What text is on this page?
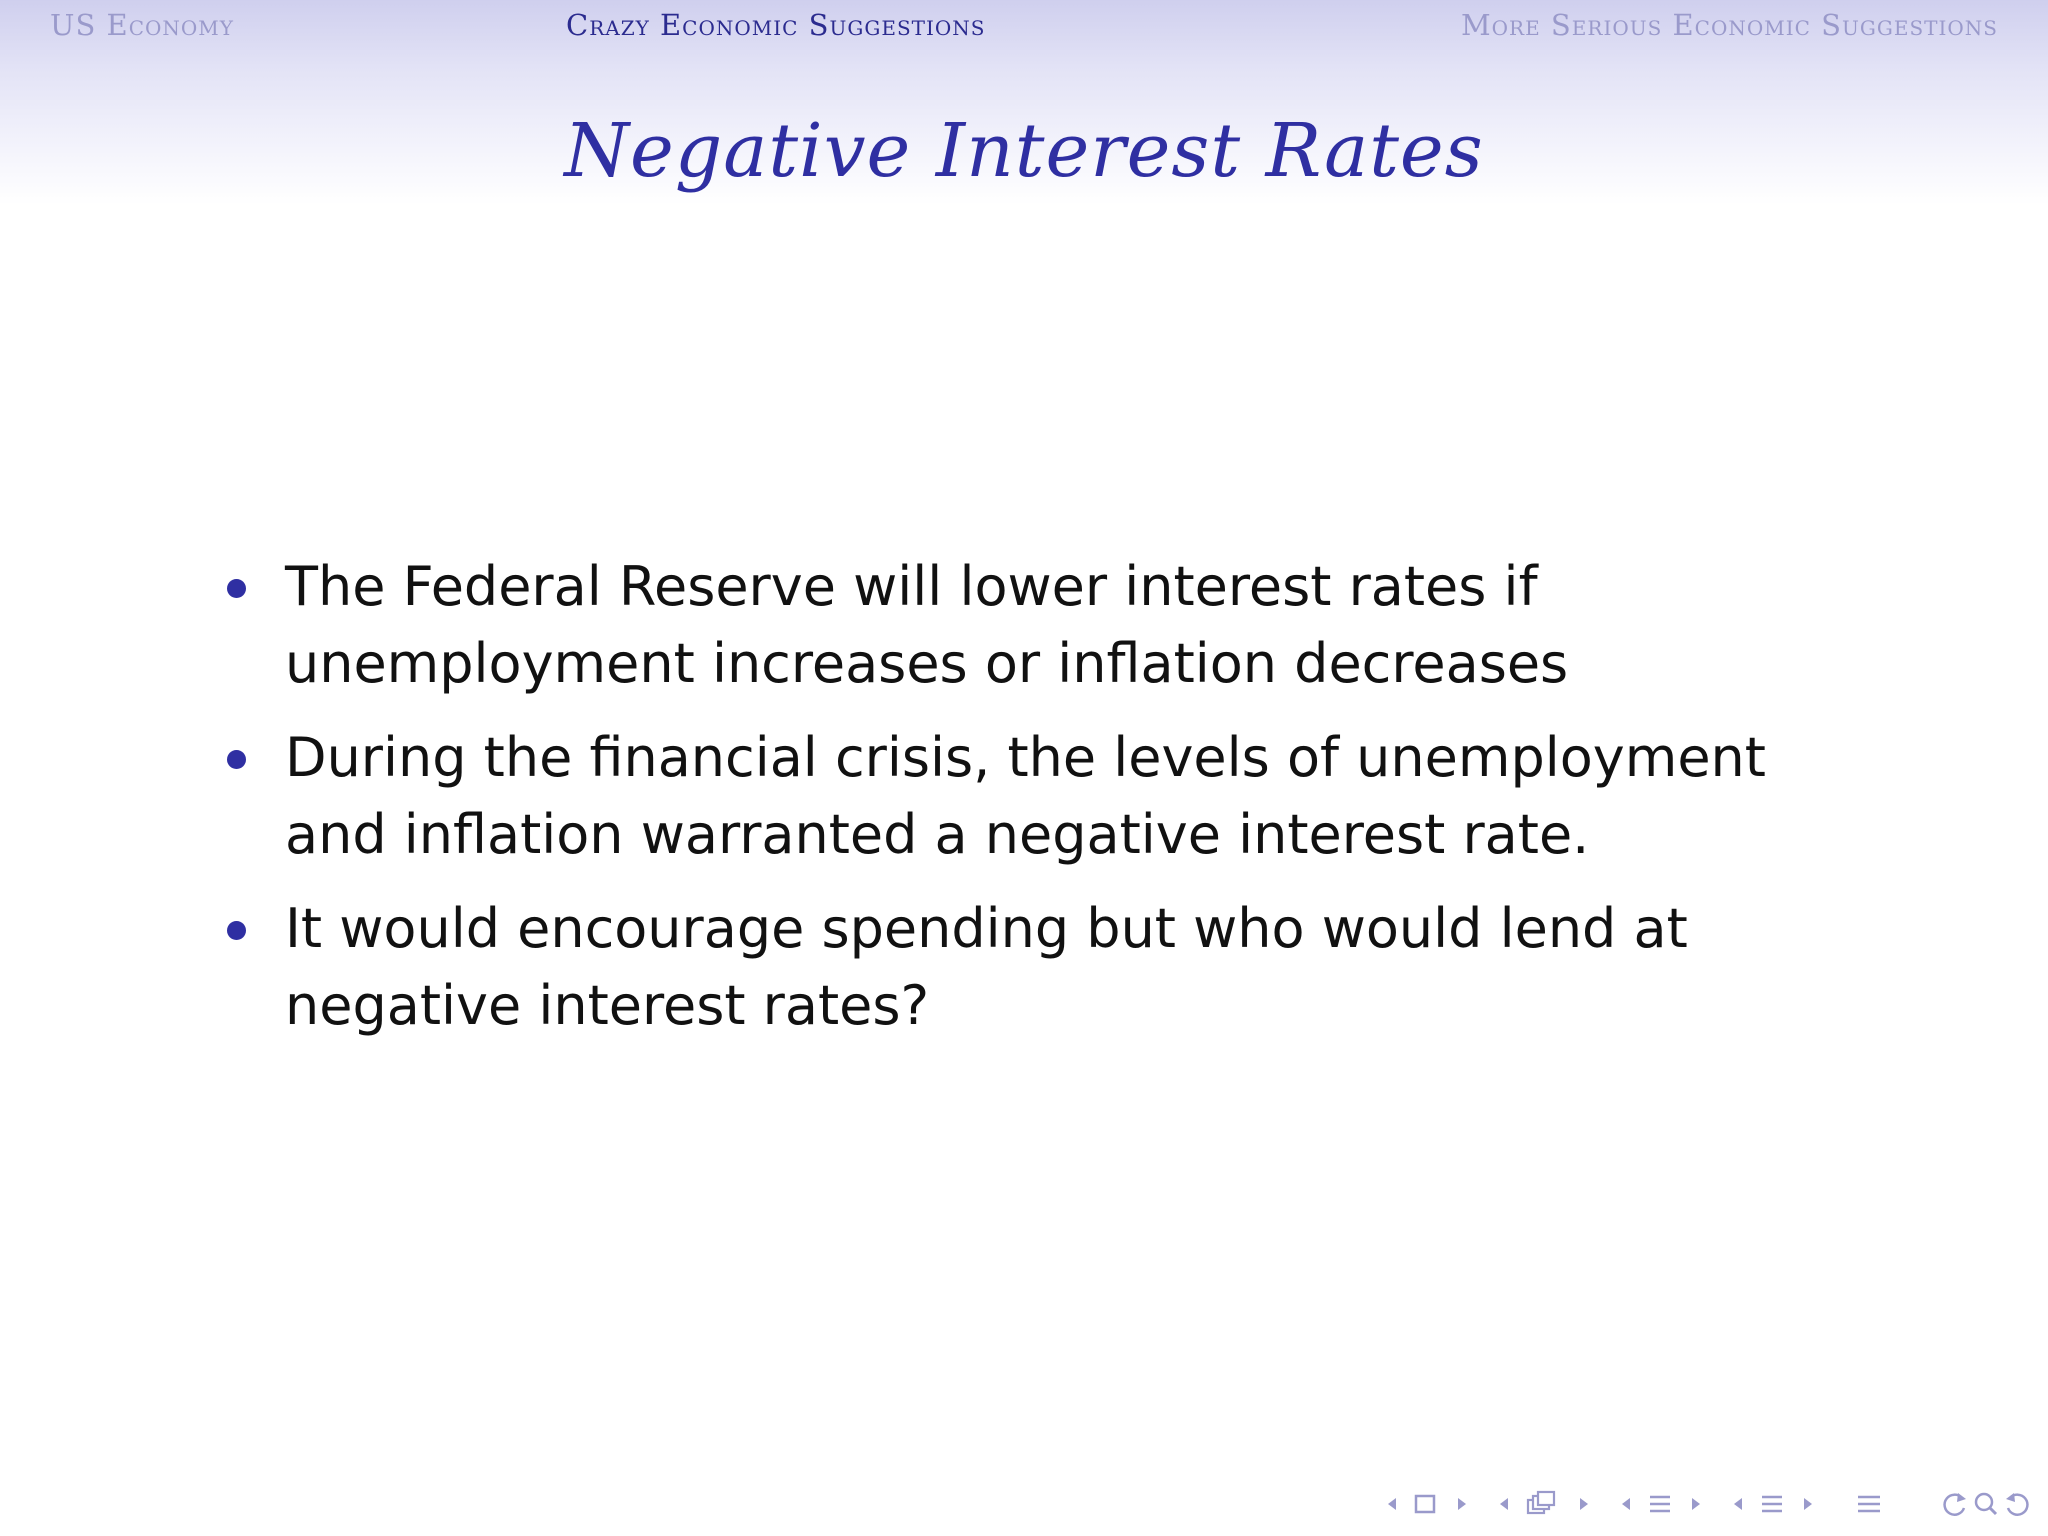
US Economy	Crazy Economic Suggestions	More Serious Economic Suggestions
Negative Interest Rates
The Federal Reserve will lower interest rates if unemployment increases or inflation decreases
During the financial crisis, the levels of unemployment and inflation warranted a negative interest rate.
It would encourage spending but who would lend at negative interest rates?
